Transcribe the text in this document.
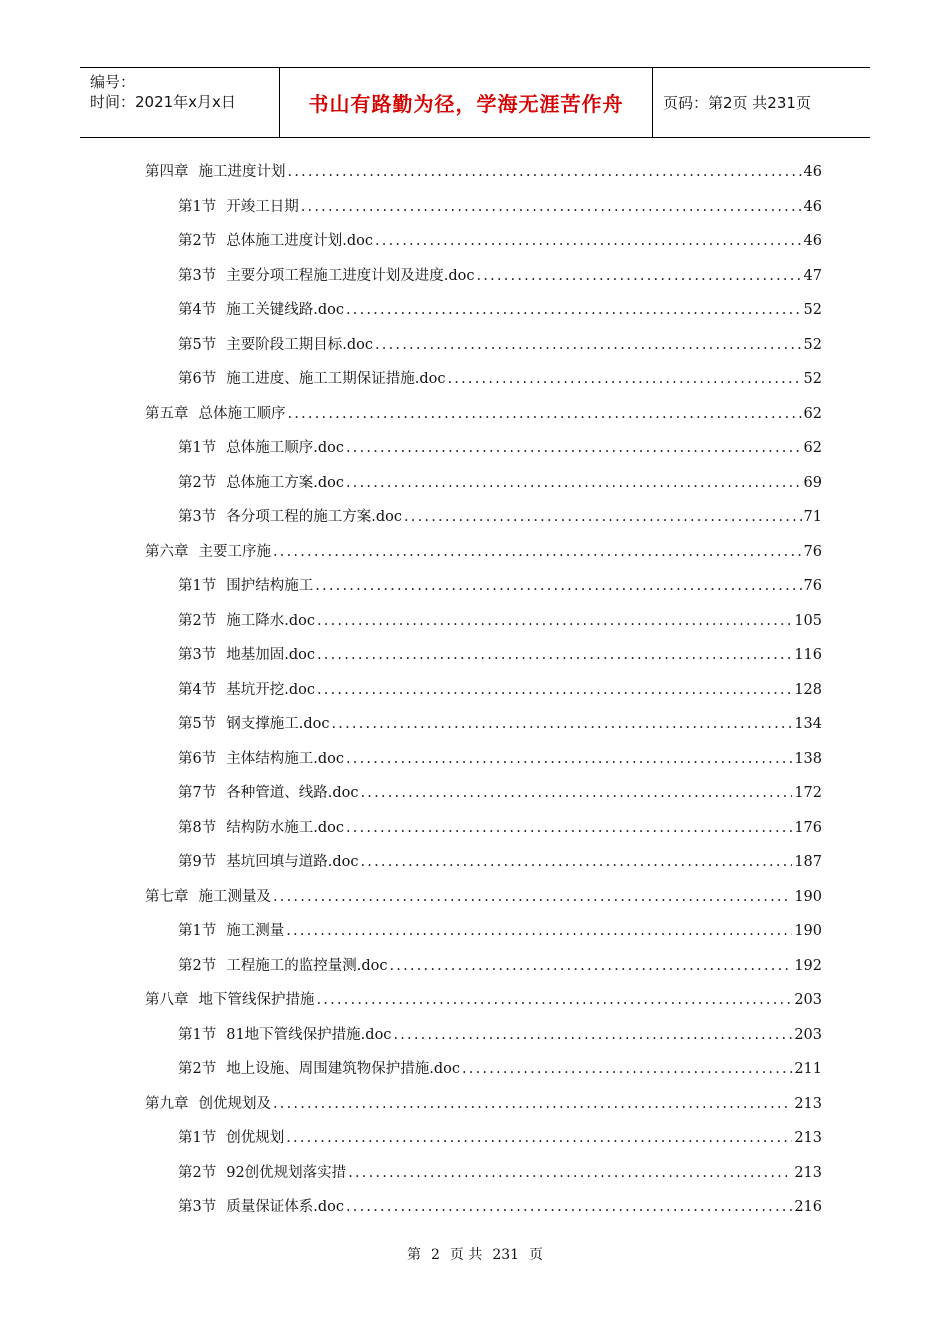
编号：
时间：2021年x月x日	书山有路勤为径，学海无涯苦作舟	页码：第2页 共231页
第四章 施工进度计划 .....	46
第1节 开竣工日期 .....	46
第2节 总体施工进度计划.doc .....	46
第3节 主要分项工程施工进度计划及进度.doc .....	47
第4节 施工关键线路.doc .....	52
第5节 主要阶段工期目标.doc .....	52
第6节 施工进度、施工工期保证措施.doc .....	52
第五章 总体施工顺序 .....	62
第1节 总体施工顺序.doc .....	62
第2节 总体施工方案.doc .....	69
第3节 各分项工程的施工方案.doc .....	71
第六章 主要工序施 .....	76
第1节 围护结构施工 .....	76
第2节 施工降水.doc .....	105
第3节 地基加固.doc .....	116
第4节 基坑开挖.doc .....	128
第5节 钢支撑施工.doc .....	134
第6节 主体结构施工.doc .....	138
第7节 各种管道、线路.doc .....	172
第8节 结构防水施工.doc .....	176
第9节 基坑回填与道路.doc .....	187
第七章 施工测量及 .....	190
第1节 施工测量 .....	190
第2节 工程施工的监控量测.doc .....	192
第八章 地下管线保护措施 .....	203
第1节 81地下管线保护措施.doc .....	203
第2节 地上设施、周围建筑物保护措施.doc .....	211
第九章 创优规划及 .....	213
第1节 创优规划 .....	213
第2节 92创优规划落实措 .....	213
第3节 质量保证体系.doc .....	216
第 2 页 共 231 页
